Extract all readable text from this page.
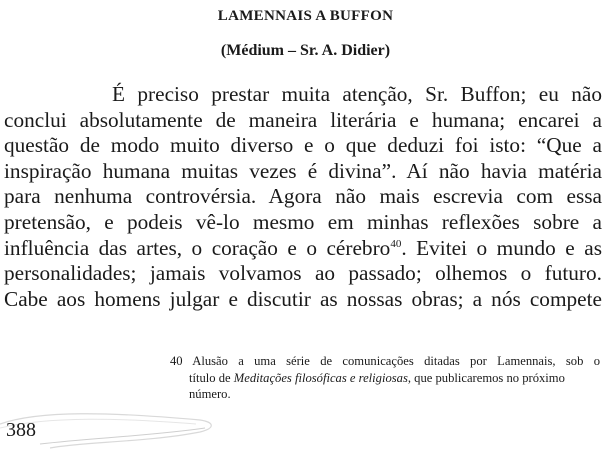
LAMENNAIS A BUFFON
(Médium – Sr. A. Didier)
É preciso prestar muita atenção, Sr. Buffon; eu não
conclui absolutamente de maneira literária e humana; encarei a
questão de modo muito diverso e o que deduzi foi isto: “Que a
inspiração humana muitas vezes é divina”. Aí não havia matéria
para nenhuma controvérsia. Agora não mais escrevia com essa
pretensão, e podeis vê-lo mesmo em minhas reflexões sobre a
influência das artes, o coração e o cérebro$^{40}$. Evitei o mundo e as
personalidades; jamais volvamos ao passado; olhemos o futuro.
Cabe aos homens julgar e discutir as nossas obras; a nós compete
40 Alusão a uma série de comunicações ditadas por Lamennais, sob o
título de Meditações filosóficas e religiosas, que publicaremos no próximo
número.
388
